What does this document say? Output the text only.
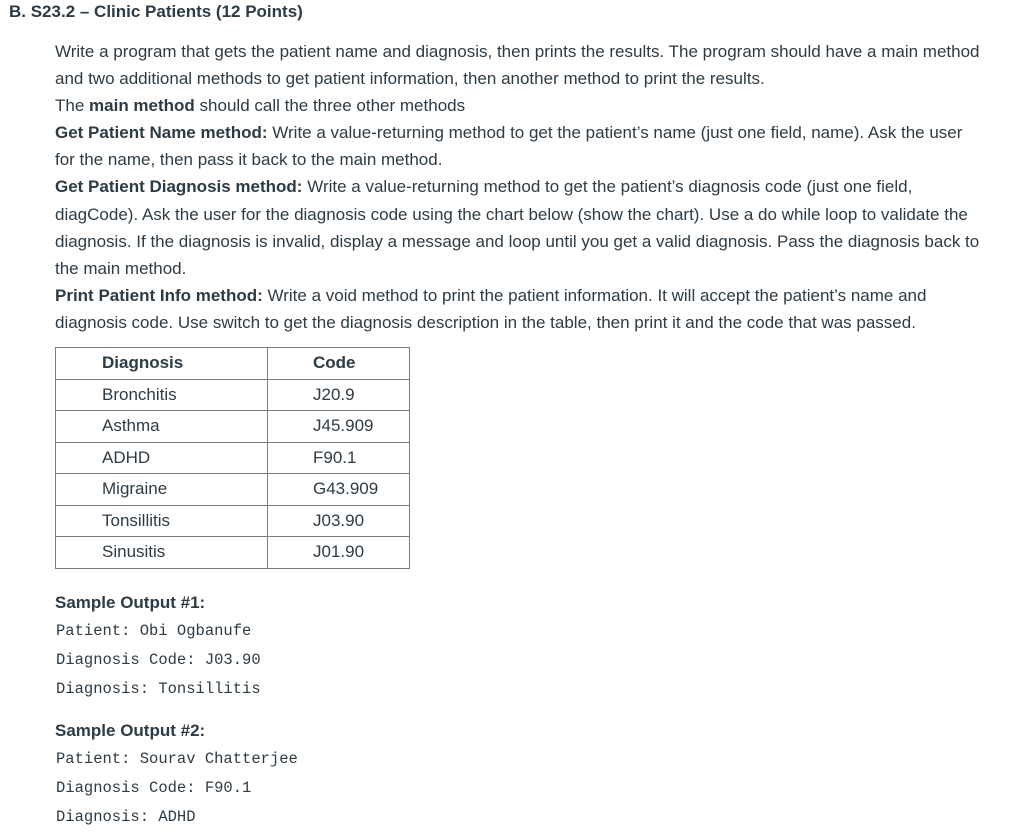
B. S23.2 – Clinic Patients (12 Points)

Write a program that gets the patient name and diagnosis, then prints the results. The program should have a main method and two additional methods to get patient information, then another method to print the results.

The main method should call the three other methods

Get Patient Name method: Write a value-returning method to get the patient’s name (just one field, name). Ask the user for the name, then pass it back to the main method.

Get Patient Diagnosis method: Write a value-returning method to get the patient’s diagnosis code (just one field, diagCode). Ask the user for the diagnosis code using the chart below (show the chart). Use a do while loop to validate the diagnosis. If the diagnosis is invalid, display a message and loop until you get a valid diagnosis. Pass the diagnosis back to the main method.

Print Patient Info method: Write a void method to print the patient information. It will accept the patient’s name and diagnosis code. Use switch to get the diagnosis description in the table, then print it and the code that was passed.

Diagnosis	Code
Bronchitis	J20.9
Asthma	J45.909
ADHD	F90.1
Migraine	G43.909
Tonsillitis	J03.90
Sinusitis	J01.90
Sample Output #1:
Patient: Obi Ogbanufe
Diagnosis Code: J03.90
Diagnosis: Tonsillitis
Sample Output #2:
Patient: Sourav Chatterjee
Diagnosis Code: F90.1
Diagnosis: ADHD
